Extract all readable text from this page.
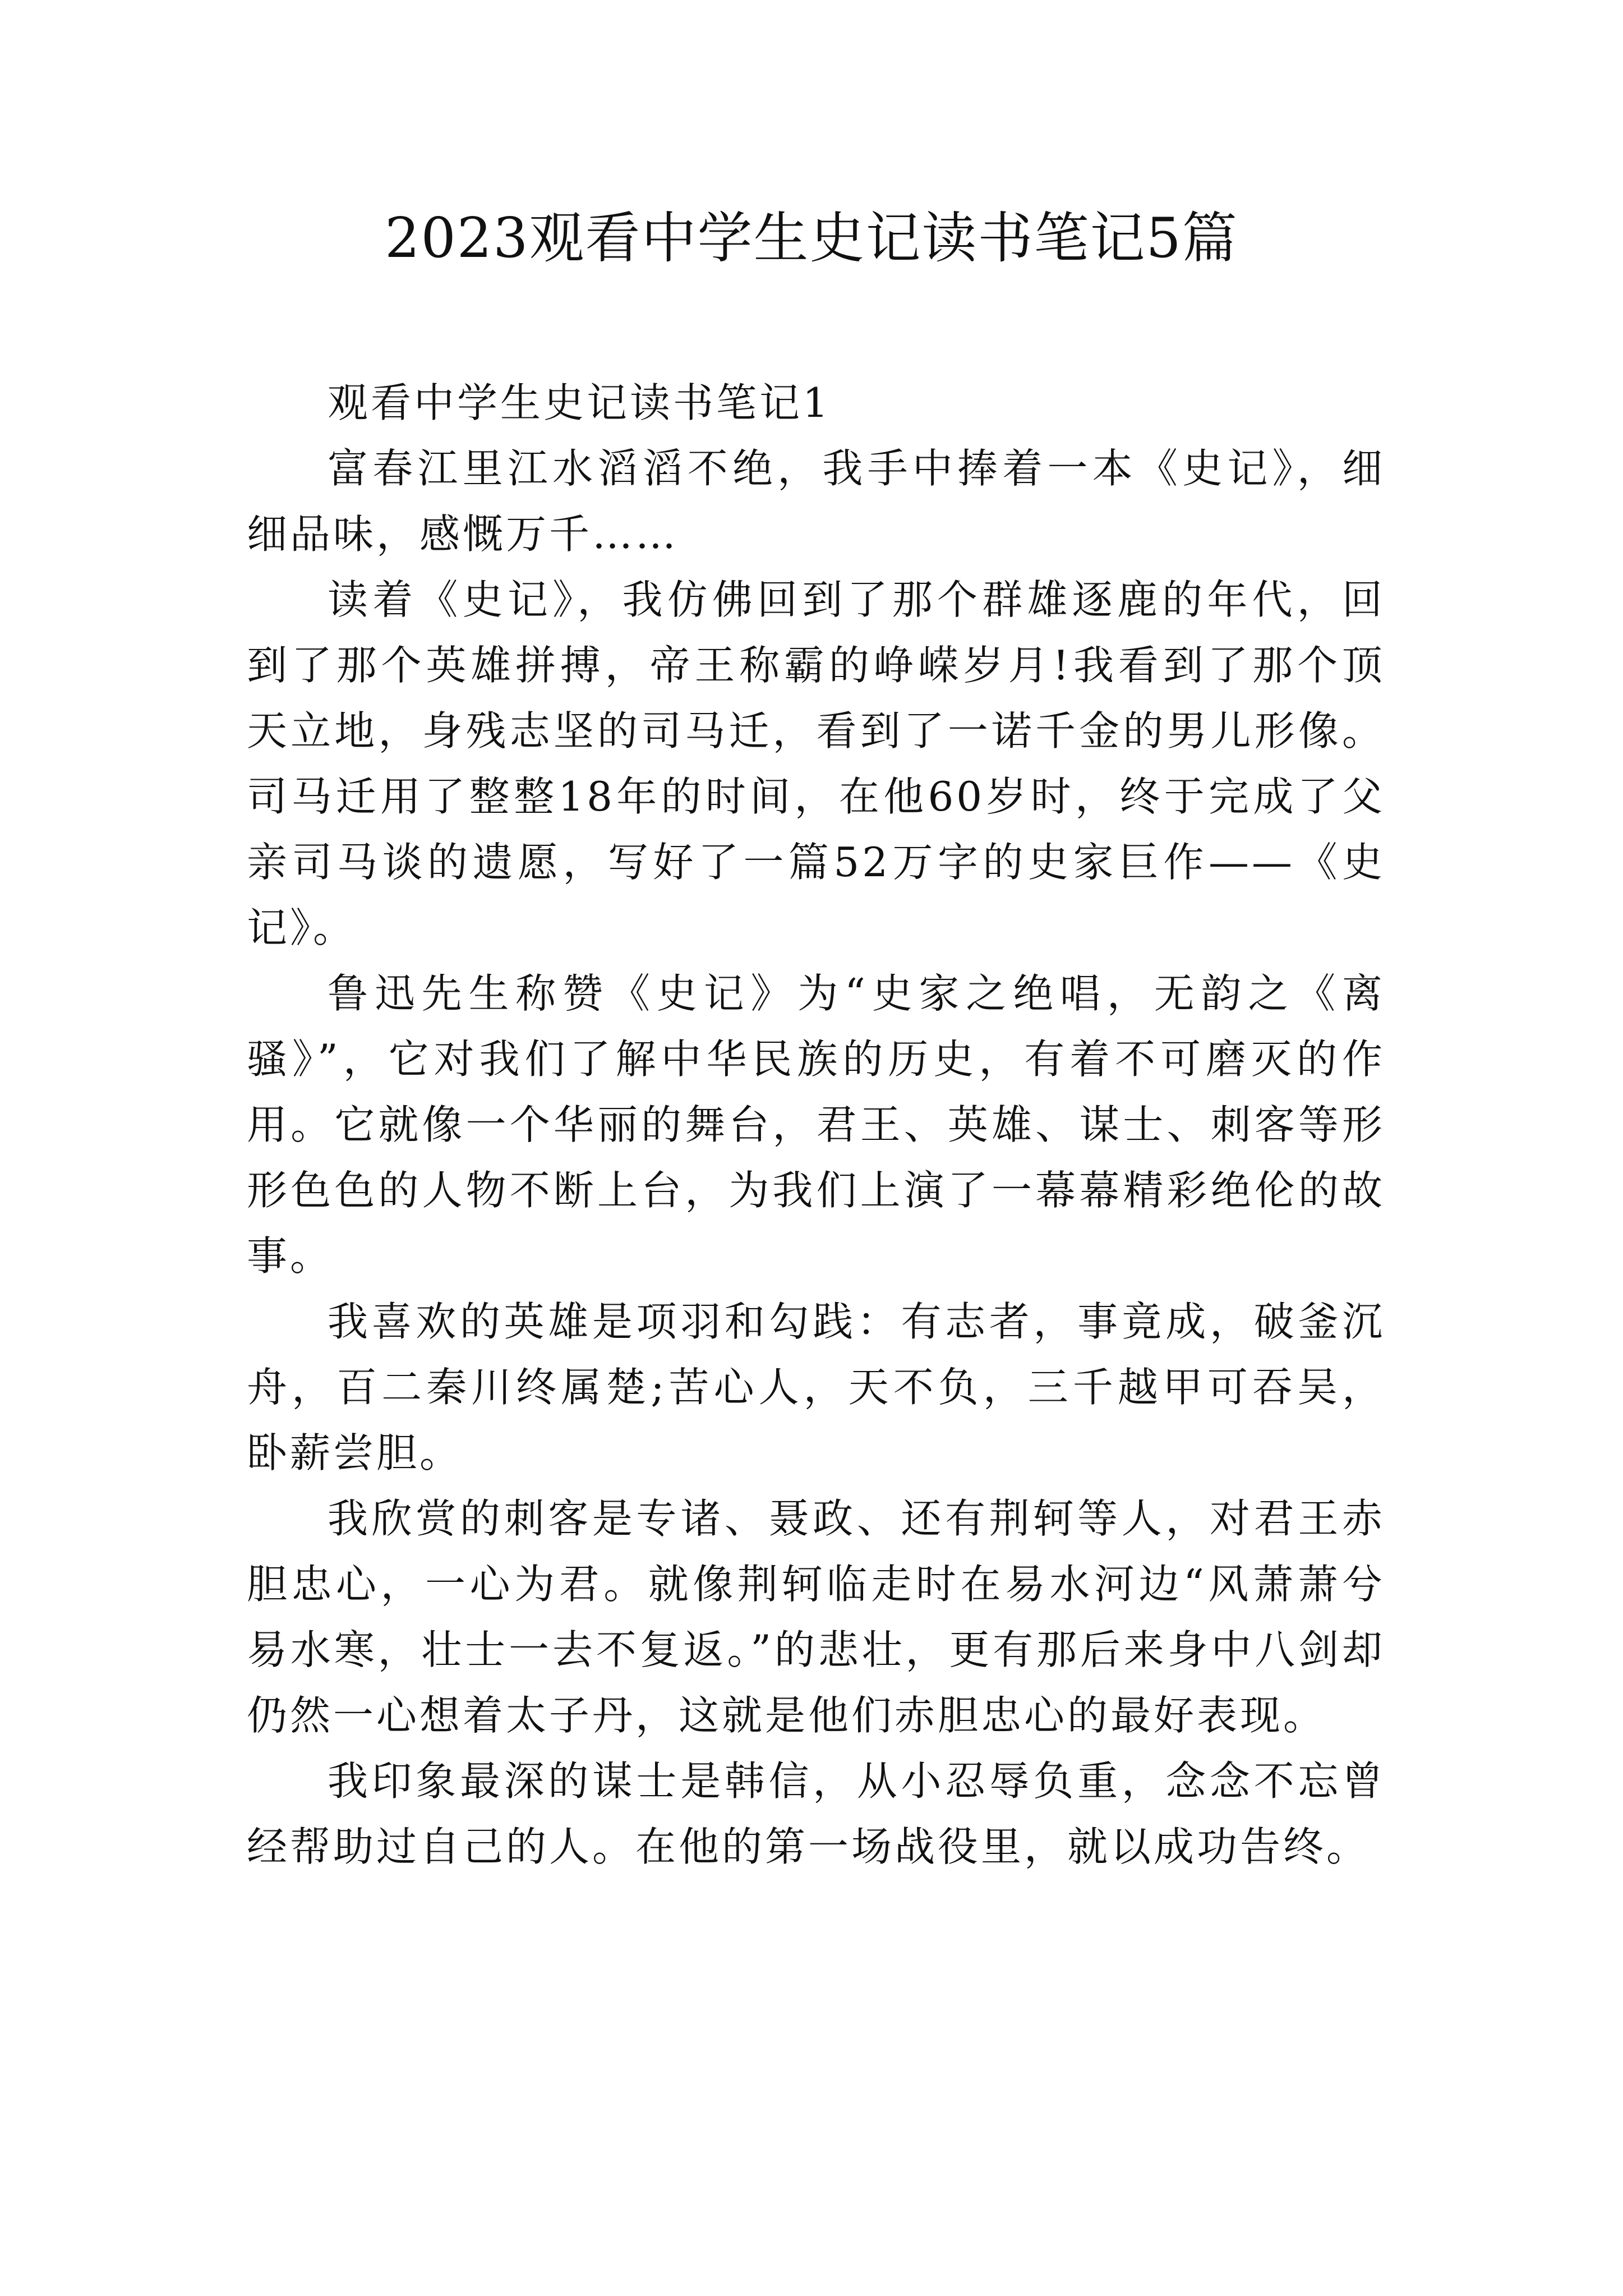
2023观看中学生史记读书笔记5篇

观看中学生史记读书笔记1

富春江里江水滔滔不绝，我手中捧着一本《史记》，细细品味，感慨万千……

读着《史记》，我仿佛回到了那个群雄逐鹿的年代，回到了那个英雄拼搏，帝王称霸的峥嵘岁月!我看到了那个顶天立地，身残志坚的司马迁，看到了一诺千金的男儿形像。司马迁用了整整18年的时间，在他60岁时，终于完成了父亲司马谈的遗愿，写好了一篇52万字的史家巨作——《史记》。

鲁迅先生称赞《史记》为“史家之绝唱，无韵之《离骚》”，它对我们了解中华民族的历史，有着不可磨灭的作用。它就像一个华丽的舞台，君王、英雄、谋士、刺客等形形色色的人物不断上台，为我们上演了一幕幕精彩绝伦的故事。

我喜欢的英雄是项羽和勾践：有志者，事竟成，破釜沉舟，百二秦川终属楚;苦心人，天不负，三千越甲可吞吴，卧薪尝胆。

我欣赏的刺客是专诸、聂政、还有荆轲等人，对君王赤胆忠心，一心为君。就像荆轲临走时在易水河边“风萧萧兮易水寒，壮士一去不复返。”的悲壮，更有那后来身中八剑却仍然一心想着太子丹，这就是他们赤胆忠心的最好表现。

我印象最深的谋士是韩信，从小忍辱负重，念念不忘曾经帮助过自己的人。在他的第一场战役里，就以成功告终。
